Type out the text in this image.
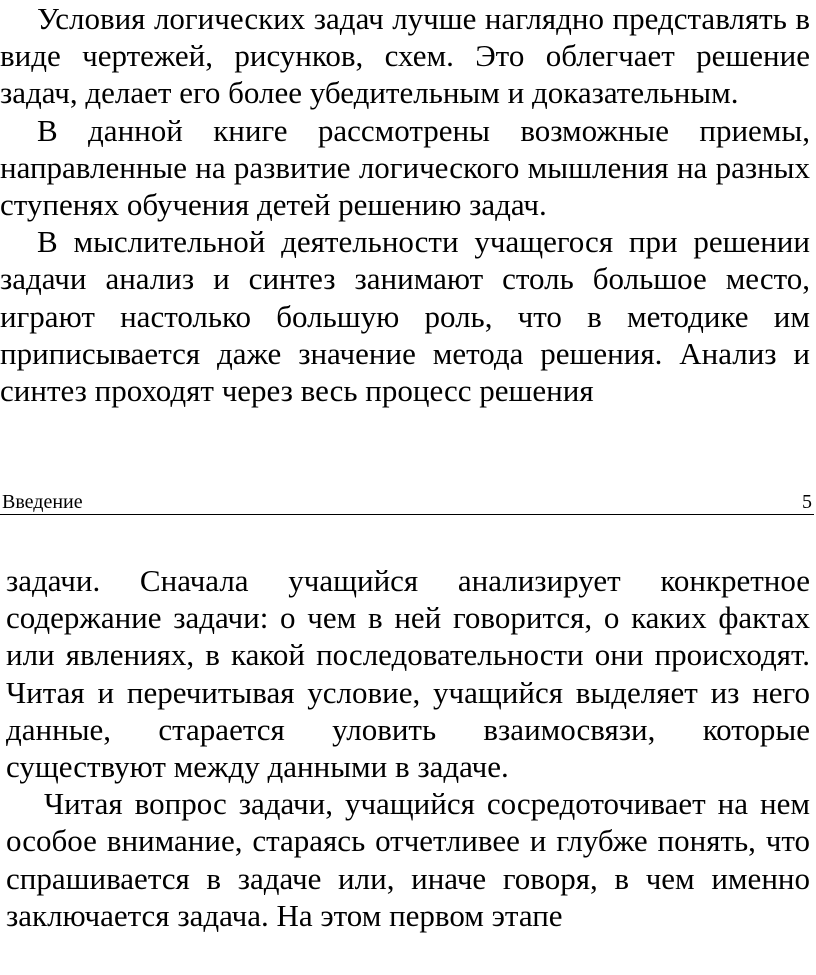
Условия логических задач лучше наглядно представлять в виде чертежей, рисунков, схем. Это облегчает решение задач, делает его более убедительным и доказательным.

В данной книге рассмотрены возможные приемы, направленные на развитие логического мышления на разных ступенях обучения детей решению задач.

В мыслительной деятельности учащегося при решении задачи анализ и синтез занимают столь большое место, играют настолько большую роль, что в методике им приписывается даже значение метода решения. Анализ и синтез проходят через весь процесс решения

Введение	5

задачи. Сначала учащийся анализирует конкретное содержание задачи: о чем в ней говорится, о каких фактах или явлениях, в какой последовательности они происходят. Читая и перечитывая условие, учащийся выделяет из него данные, старается уловить взаимосвязи, которые существуют между данными в задаче.

Читая вопрос задачи, учащийся сосредоточивает на нем особое внимание, стараясь отчетливее и глубже понять, что спрашивается в задаче или, иначе говоря, в чем именно заключается задача. На этом первом этапе
